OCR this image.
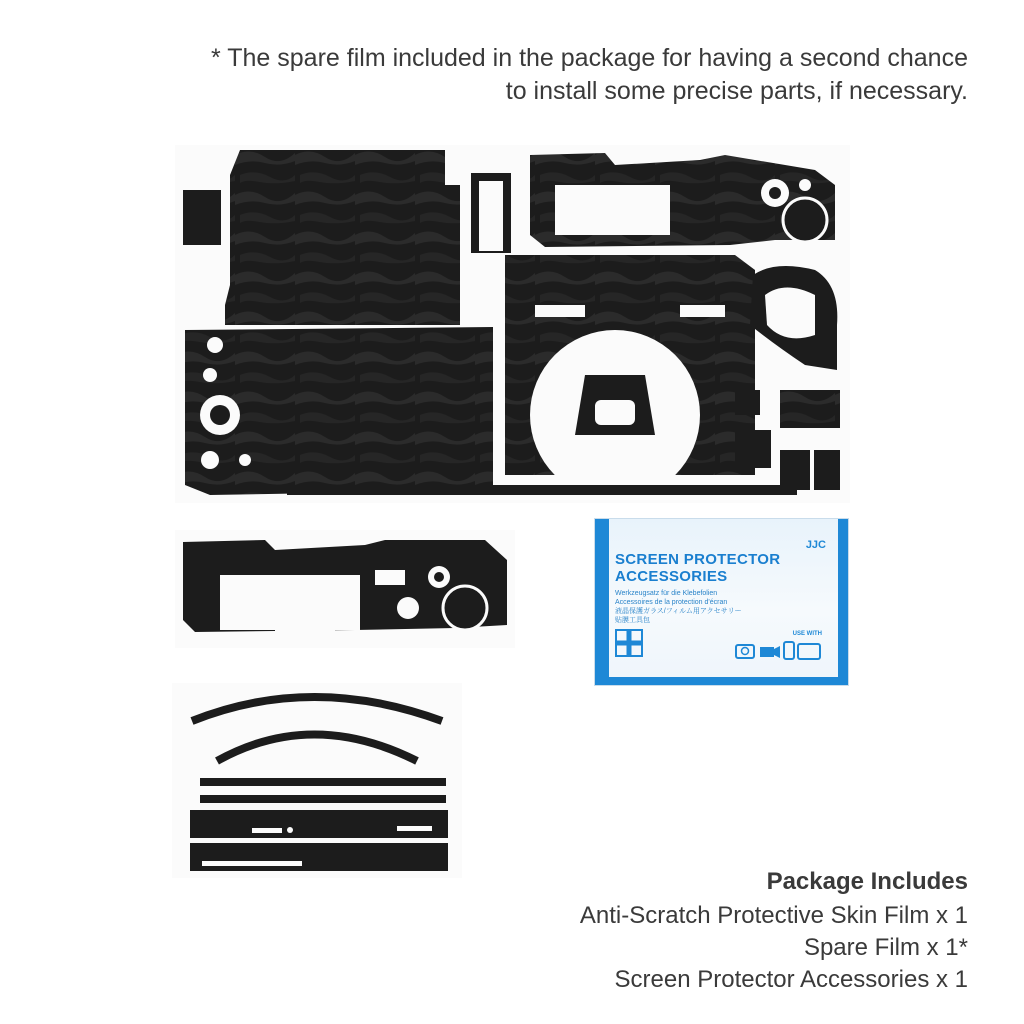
* The spare film included in the package for having a second chance
to install some precise parts, if necessary.
JJC
SCREEN PROTECTOR
ACCESSORIES
Werkzeugsatz für die Klebefolien
Accessoires de la protection d'écran
液晶保護ガラス/フィルム用アクセサリー
贴膜工具包
USE WITH
Package Includes
Anti-Scratch Protective Skin Film x 1
Spare Film x 1*
Screen Protector Accessories x 1
